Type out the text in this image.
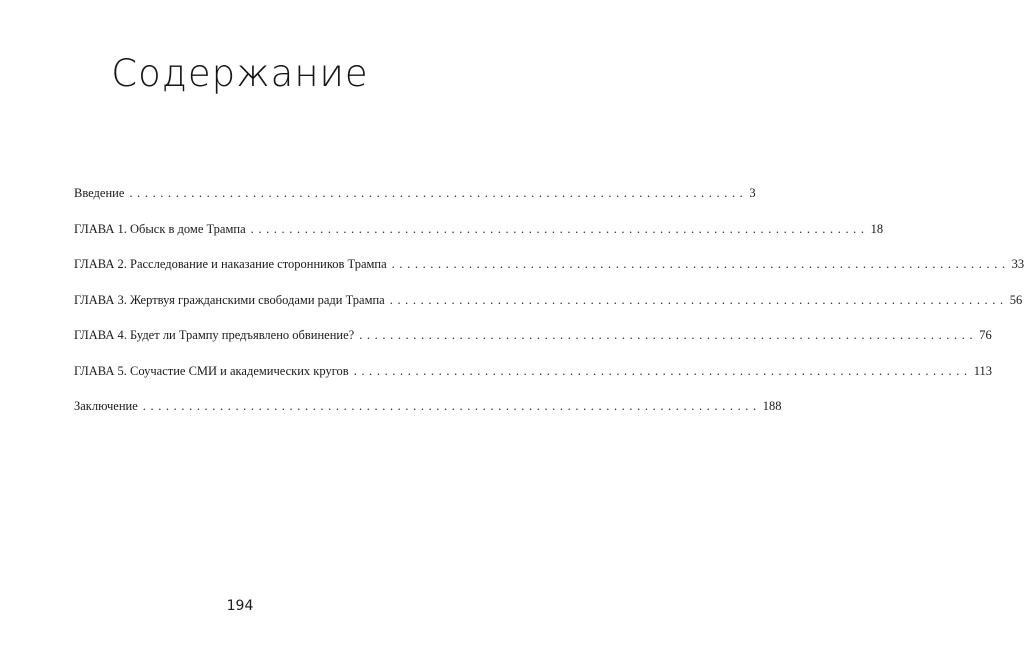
Содержание
Введение ................................................................................ 3
ГЛАВА 1. Обыск в доме Трампа ................................................................................ 18
ГЛАВА 2. Расследование и наказание сторонников Трампа ................................................................................ 33
ГЛАВА 3. Жертвуя гражданскими свободами ради Трампа ................................................................................ 56
ГЛАВА 4. Будет ли Трампу предъявлено обвинение? ................................................................................ 76
ГЛАВА 5. Соучастие СМИ и академических кругов ................................................................................ 113
Заключение ................................................................................ 188
194
